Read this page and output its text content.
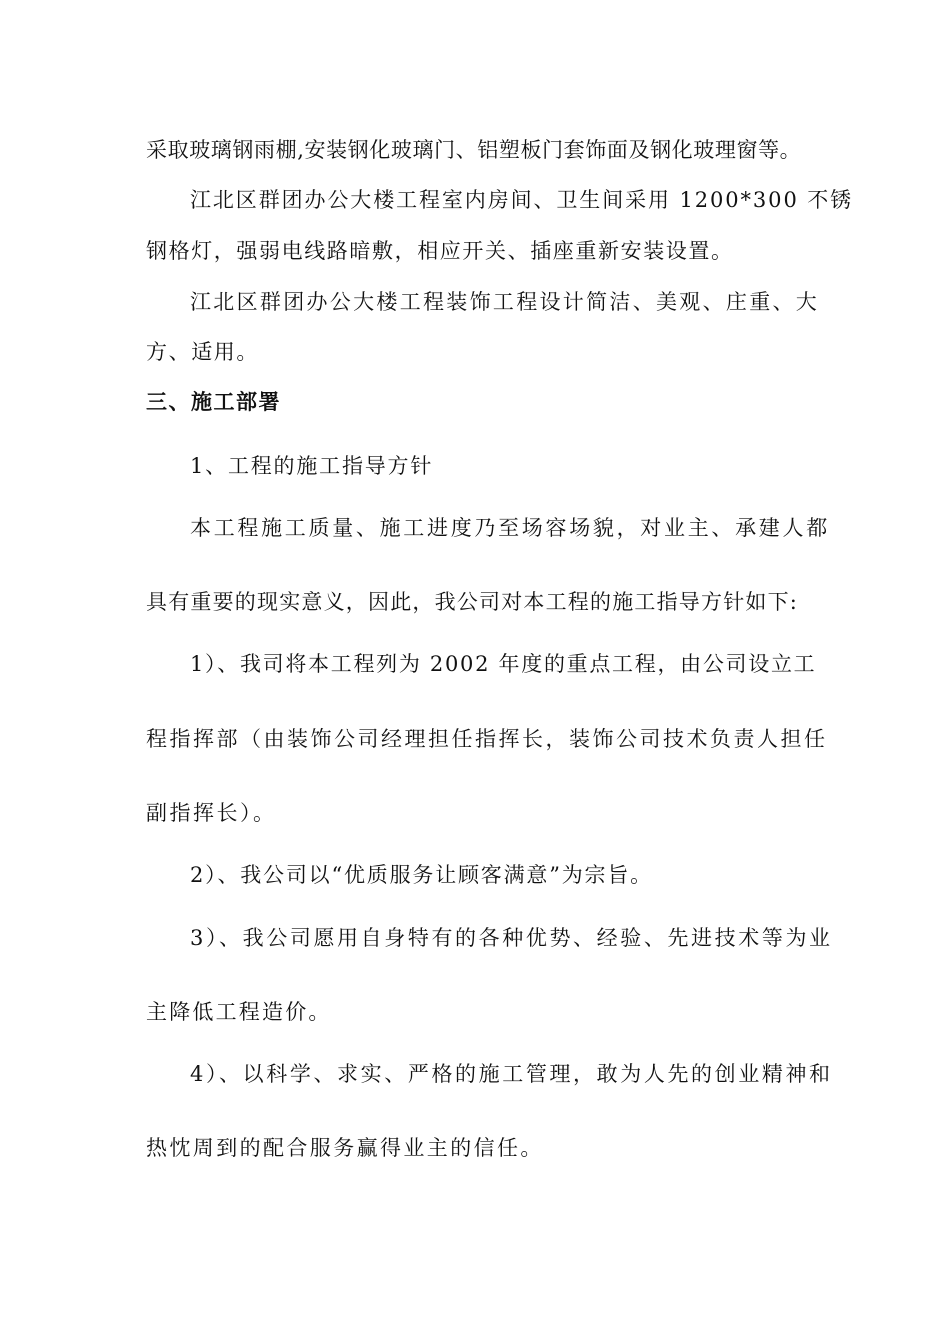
采取玻璃钢雨棚,安装钢化玻璃门、铝塑板门套饰面及钢化玻理窗等。
江北区群团办公大楼工程室内房间、卫生间采用 1200*300 不锈
钢格灯，强弱电线路暗敷，相应开关、插座重新安装设置。
江北区群团办公大楼工程装饰工程设计简洁、美观、庄重、大
方、适用。
三、施工部署
1、工程的施工指导方针
本工程施工质量、施工进度乃至场容场貌，对业主、承建人都
具有重要的现实意义，因此，我公司对本工程的施工指导方针如下:
1）、我司将本工程列为 2002 年度的重点工程，由公司设立工
程指挥部（由装饰公司经理担任指挥长，装饰公司技术负责人担任
副指挥长）。
2）、我公司以“优质服务让顾客满意”为宗旨。
3）、我公司愿用自身特有的各种优势、经验、先进技术等为业
主降低工程造价。
4）、以科学、求实、严格的施工管理，敢为人先的创业精神和
热忱周到的配合服务赢得业主的信任。
